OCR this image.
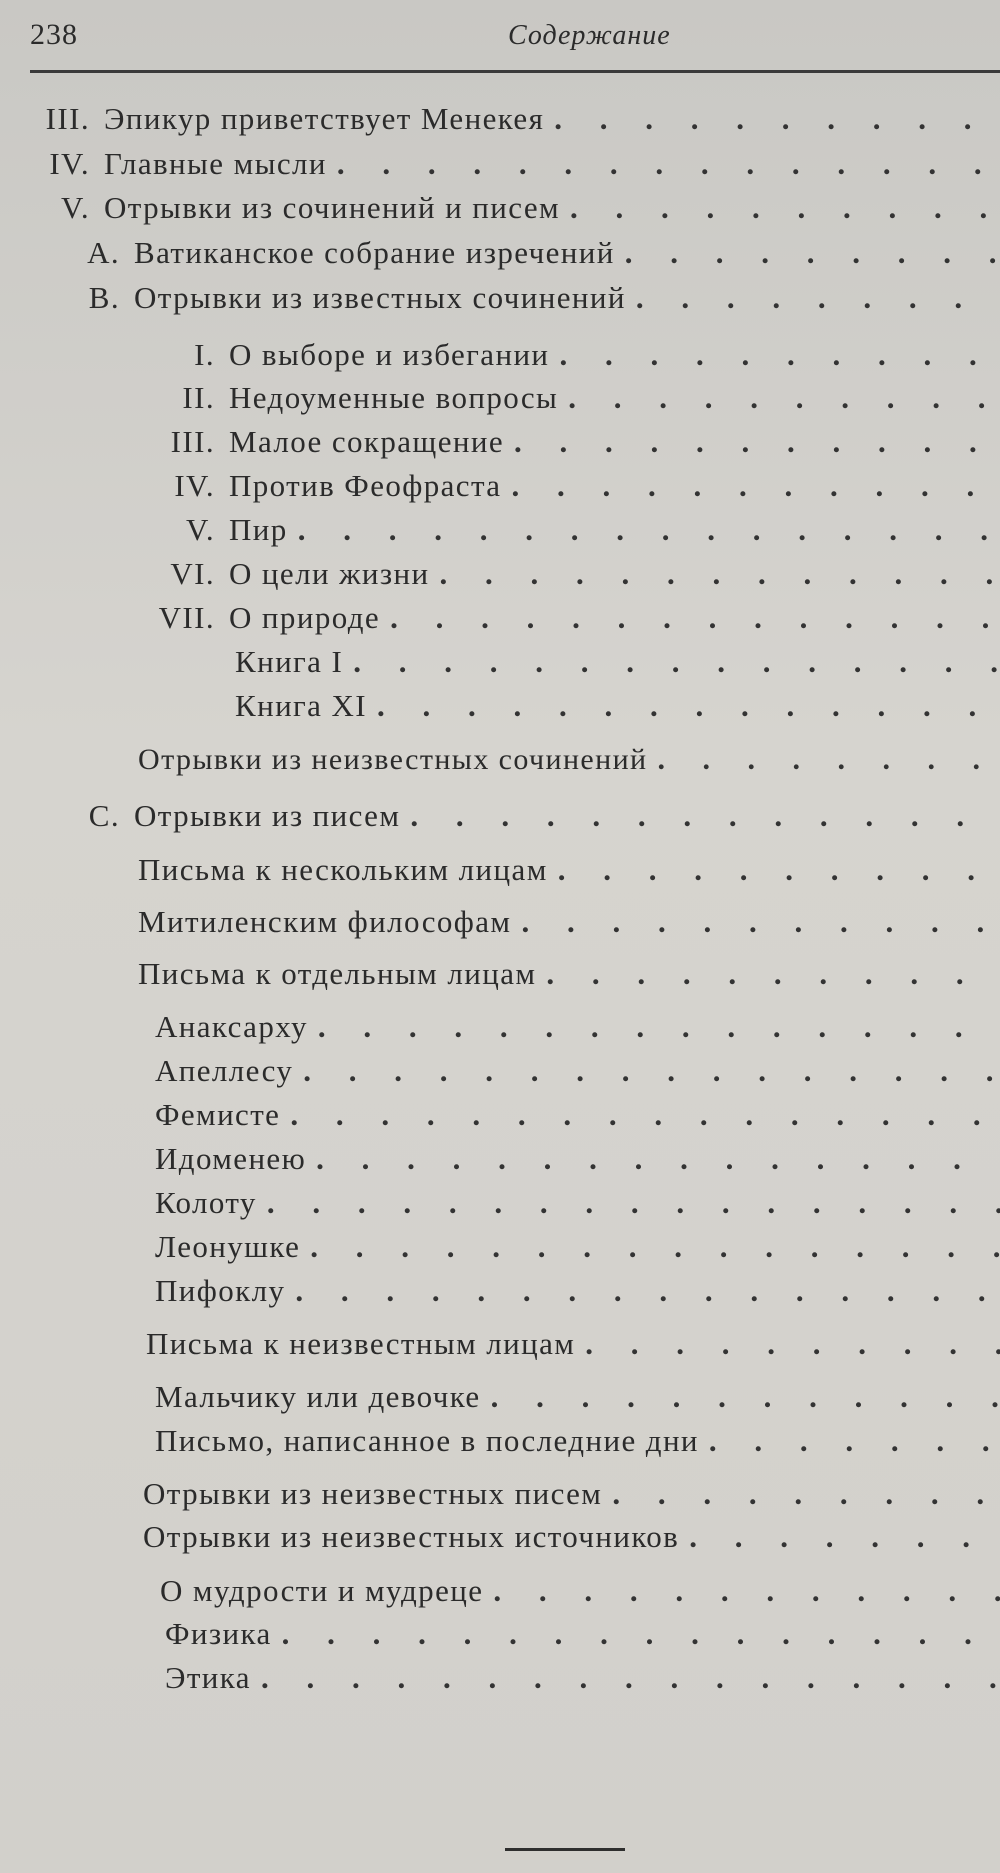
238	Содержание
III. Эпикур приветствует Менекея
. . .
IV. Главные мысли
. . .
V. Отрывки из сочинений и писем
. . .
A. Ватиканское собрание изречений
. . .
B. Отрывки из известных сочинений
. . .
I. О выборе и избегании
. . .
II. Недоуменные вопросы
. . .
III. Малое сокращение
. . .
IV. Против Феофраста
. . .
V. Пир
. . .
VI. О цели жизни
. . .
VII. О природе
. . .
Книга I
. . .
Книга XI
. . .
Отрывки из неизвестных сочинений
. . .
C. Отрывки из писем
. . .
Письма к нескольким лицам
. . .
Митиленским философам
. . .
Письма к отдельным лицам
. . .
Анаксарху
. . .
Апеллесу
. . .
Фемисте
. . .
Идоменею
. . .
Колоту
. . .
Леонушке
. . .
Пифоклу
. . .
Письма к неизвестным лицам
. . .
Мальчику или девочке
. . .
Письмо, написанное в последние дни
. . .
Отрывки из неизвестных писем
. . .
Отрывки из неизвестных источников
. . .
О мудрости и мудреце
. . .
Физика
. . .
Этика
. . .
